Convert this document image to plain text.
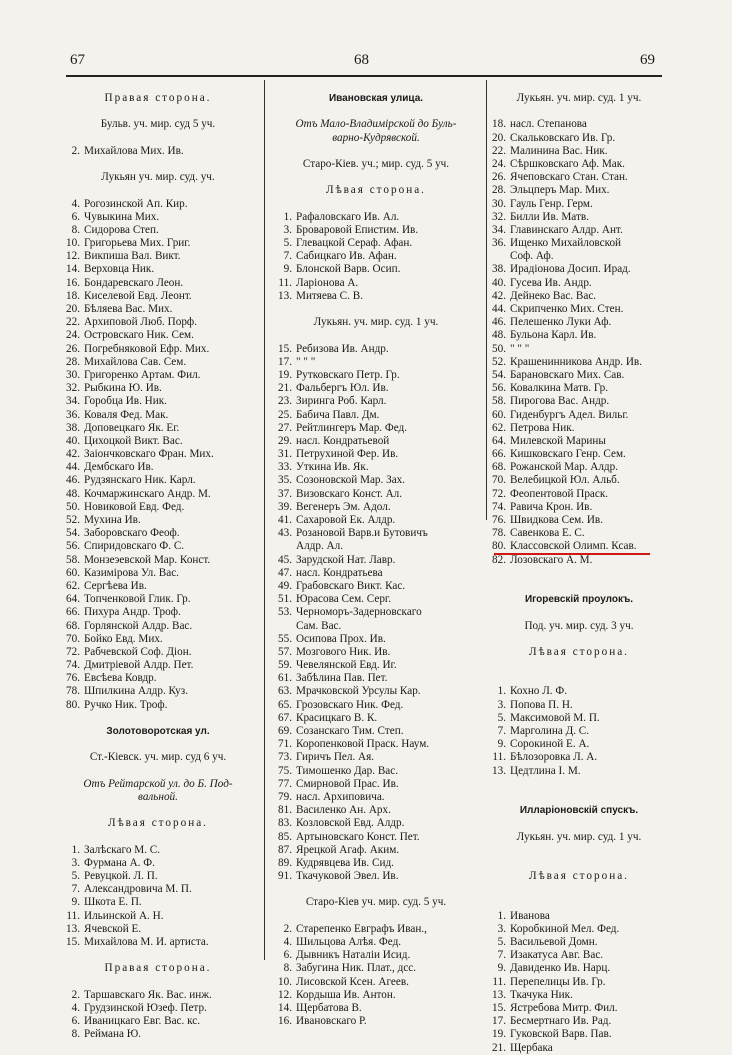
67	68	69
Правая сторона.
Бульв. уч. мир. суд 5 уч.
2. Михайлова Мих. Ив.
Лукьян уч. мир. суд. уч.
4. Рогозинской Ап. Кир.
6. Чувыкина Мих.
8. Сидорова Степ.
10. Григорьева Мих. Григ.
12. Викпиша Вал. Викт.
14. Верховца Ник.
16. Бондаревскаго Леон.
18. Киселевой Евд. Леонт.
20. Бѣляева Вас. Мих.
22. Архиповой Люб. Порф.
24. Островскаго Ник. Сем.
26. Погребняковой Ефр. Мих.
28. Михайлова Сав. Сем.
30. Григоренко Артам. Фил.
32. Рыбкина Ю. Ив.
34. Горобца Ив. Ник.
36. Коваля Фед. Мак.
38. Доповецкаго Як. Ег.
40. Цихоцкой Викт. Вас.
42. Заіончковскаго Фран. Мих.
44. Дембскаго Ив.
46. Рудзянскаго Ник. Карл.
48. Кочмаржинскаго Андр. М.
50. Новиковой Евд. Фед.
52. Мухина Ив.
54. Заборовскаго Феоф.
56. Спиридовскаго Ф. С.
58. Монзеэевской Мар. Конст.
60. Казимірова Ул. Вас.
62. Сергѣева Ив.
64. Топченковой Глик. Гр.
66. Пихура Андр. Троф.
68. Горлянской Алдр. Вас.
70. Бойко Евд. Мих.
72. Рабчевской Соф. Діон.
74. Дмитріевой Алдр. Пет.
76. Евсѣева Ковдр.
78. Шпилкина Алдр. Куз.
80. Ручко Ник. Троф.
Золотоворотская ул.
Ст.-Кіевск. уч. мир. суд 6 уч.
Отъ Рейтарской ул. до Б. Под-
вальной.
Лѣвая сторона.
1. Залѣскаго М. С.
3. Фурмана А. Ф.
5. Ревуцкой. Л. П.
7. Александровича М. П.
9. Шкота Е. П.
11. Ильинской А. Н.
13. Ячевской Е.
15. Михайлова М. И. артиста.
Правая сторона.
2. Таршавскаго Як. Вас. инж.
4. Грудзинской Юзеф. Петр.
6. Иваницкаго Евг. Вас. кс.
8. Реймана Ю.
Ивановская улица.
Отъ Мало-Владимірской до Буль-
варно-Кудрявской.
Старо-Кіев. уч.; мир. суд. 5 уч.
Лѣвая сторона.
1. Рафаловскаго Ив. Ал.
3. Бровaровой Епистим. Ив.
5. Глевацкой Сераф. Афан.
7. Сабицкаго Ив. Афан.
9. Блонской Варв. Осип.
11. Ларіонова А.
13. Митяева С. В.
Лукьян. уч. мир. суд. 1 уч.
15. Ребизова Ив. Андр.
17. " " "
19. Рутковскаго Петр. Гр.
21. Фальбергъ Юл. Ив.
23. Зиринга Роб. Карл.
25. Бабича Павл. Дм.
27. Рейтлингеръ Мар. Фед.
29. насл. Кондратьевой
31. Петрухиной Фер. Ив.
33. Уткина Ив. Як.
35. Созоновской Мар. Зах.
37. Визовскаго Конст. Ал.
39. Вегенеръ Эм. Адол.
41. Сахаровой Ек. Алдр.
43. Розановой Варв.и Бутовичъ
Алдр. Ал.
45. Зарудской Нат. Лавр.
47. насл. Кондратьева
49. Грабовскаго Викт. Кас.
51. Юрасова Сем. Серг.
53. Черноморъ-Задерновскаго
Сам. Вас.
55. Осипова Прох. Ив.
57. Мозгового Ник. Ив.
59. Чевелянской Евд. Иг.
61. Забѣлина Пав. Пет.
63. Мрачковской Урсулы Кар.
65. Грозовскаго Ник. Фед.
67. Красицкаго В. К.
69. Созанскаго Тим. Степ.
71. Коропенковой Праск. Наум.
73. Гиричъ Пел. Ая.
75. Тимошенко Дар. Вас.
77. Смирновой Прас. Ив.
79. насл. Архиповича.
81. Василенко Ан. Арх.
83. Козловской Евд. Алдр.
85. Артыновскаго Конст. Пет.
87. Ярецкой Агаф. Аким.
89. Кудрявцева Ив. Сид.
91. Ткачуковой Эвел. Ив.
Старо-Кіев уч. мир. суд. 5 уч.
2. Старепенко Евграфъ Иван.,
4. Шильцова Алѣя. Фед.
6. Дывникъ Наталіи Исид.
8. Забугина Ник. Плат., дсс.
10. Лисовской Ксен. Агеев.
12. Кордыша Ив. Антон.
14. Щербатова В.
16. Ивaновскаго Р.
Лукьян. уч. мир. суд. 1 уч.
18. насл. Степанова
20. Скальковскаго Ив. Гр.
22. Малинина Вас. Ник.
24. Сѣршковскаго Аф. Мак.
26. Ячеповскаго Стан. Стан.
28. Эльцперъ Мар. Мих.
30. Гауль Генр. Герм.
32. Билли Ив. Матв.
34. Главинскаго Алдр. Ант.
36. Ищенко Михайловской
Соф. Аф.
38. Ирадіонова Досип. Ирад.
40. Гусева Ив. Андр.
42. Дейнеко Вас. Вас.
44. Скрипченко Мих. Стен.
46. Пелешенко Луки Аф.
48. Бульона Карл. Ив.
50. " " "
52. Крашенинникова Андр. Ив.
54. Барановскаго Мих. Сав.
56. Ковалкина Матв. Гр.
58. Пирогова Вас. Андр.
60. Гиденбургъ Адел. Вильг.
62. Петрова Ник.
64. Милевской Марины
66. Кишковскаго Генр. Сем.
68. Рожанской Мар. Алдр.
70. Велебицкой Юл. Альб.
72. Феопентовой Праск.
74. Равича Крон. Ив.
76. Швидкова Сем. Ив.
78. Савенкова Е. С.
80. Классовской Олимп. Ксав.
82. Лозовскаго А. М.
Игоревскій проулокъ.
Под. уч. мир. суд. 3 уч.
Лѣвая сторона.
1. Кохно Л. Ф.
3. Попова П. Н.
5. Максимовой М. П.
7. Марголина Д. С.
9. Сорокиной Е. А.
11. Бѣлозоровка Л. А.
13. Цедтлина І. М.
Илларіоновскій спускъ.
Лукьян. уч. мир. суд. 1 уч.
Лѣвая сторона.
1. Иванова
3. Коробкиной Мел. Фед.
5. Васильевой Домн.
7. Изакатуса Авг. Вас.
9. Давиденко Ив. Нарц.
11. Перепелицы Ив. Гр.
13. Ткачука Ник.
15. Ястребова Митр. Фил.
17. Бесмертнаго Ив. Рад.
19. Гуковской Варв. Пав.
21. Щербака
